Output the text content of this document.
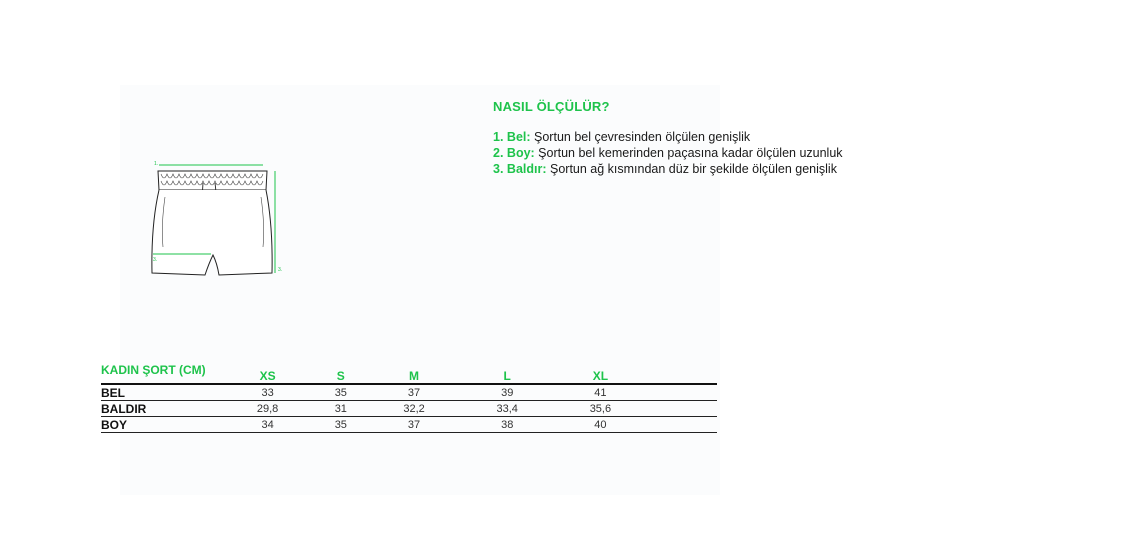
1.
3.
3.
NASIL ÖLÇÜLÜR?
1. Bel: Şortun bel çevresinden ölçülen genişlik
2. Boy: Şortun bel kemerinden paçasına kadar ölçülen uzunluk
3. Baldır: Şortun ağ kısmından düz bir şekilde ölçülen genişlik
KADIN ŞORT (CM)	XS	S	M	L	XL	
BEL	33	35	37	39	41	
BALDIR	29,8	31	32,2	33,4	35,6	
BOY	34	35	37	38	40	
